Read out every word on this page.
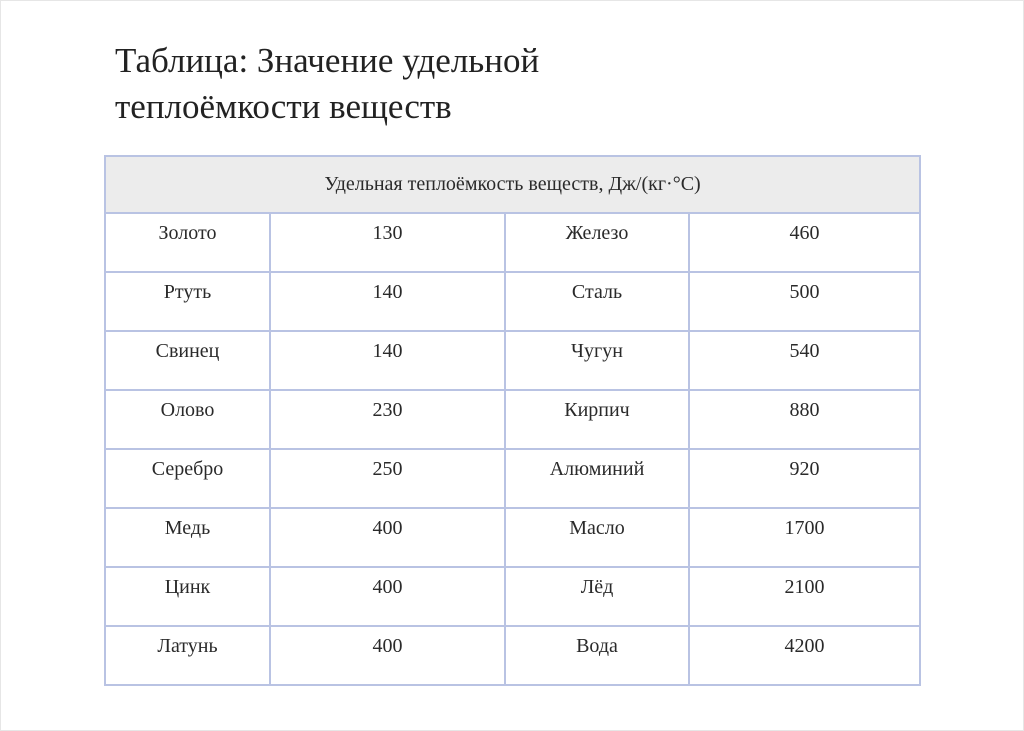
Таблица: Значение удельной
теплоёмкости веществ
Удельная теплоёмкость веществ, Дж/(кг·°С)			
Золото	130	Железо	460
Ртуть	140	Сталь	500
Свинец	140	Чугун	540
Олово	230	Кирпич	880
Серебро	250	Алюминий	920
Медь	400	Масло	1700
Цинк	400	Лёд	2100
Латунь	400	Вода	4200
